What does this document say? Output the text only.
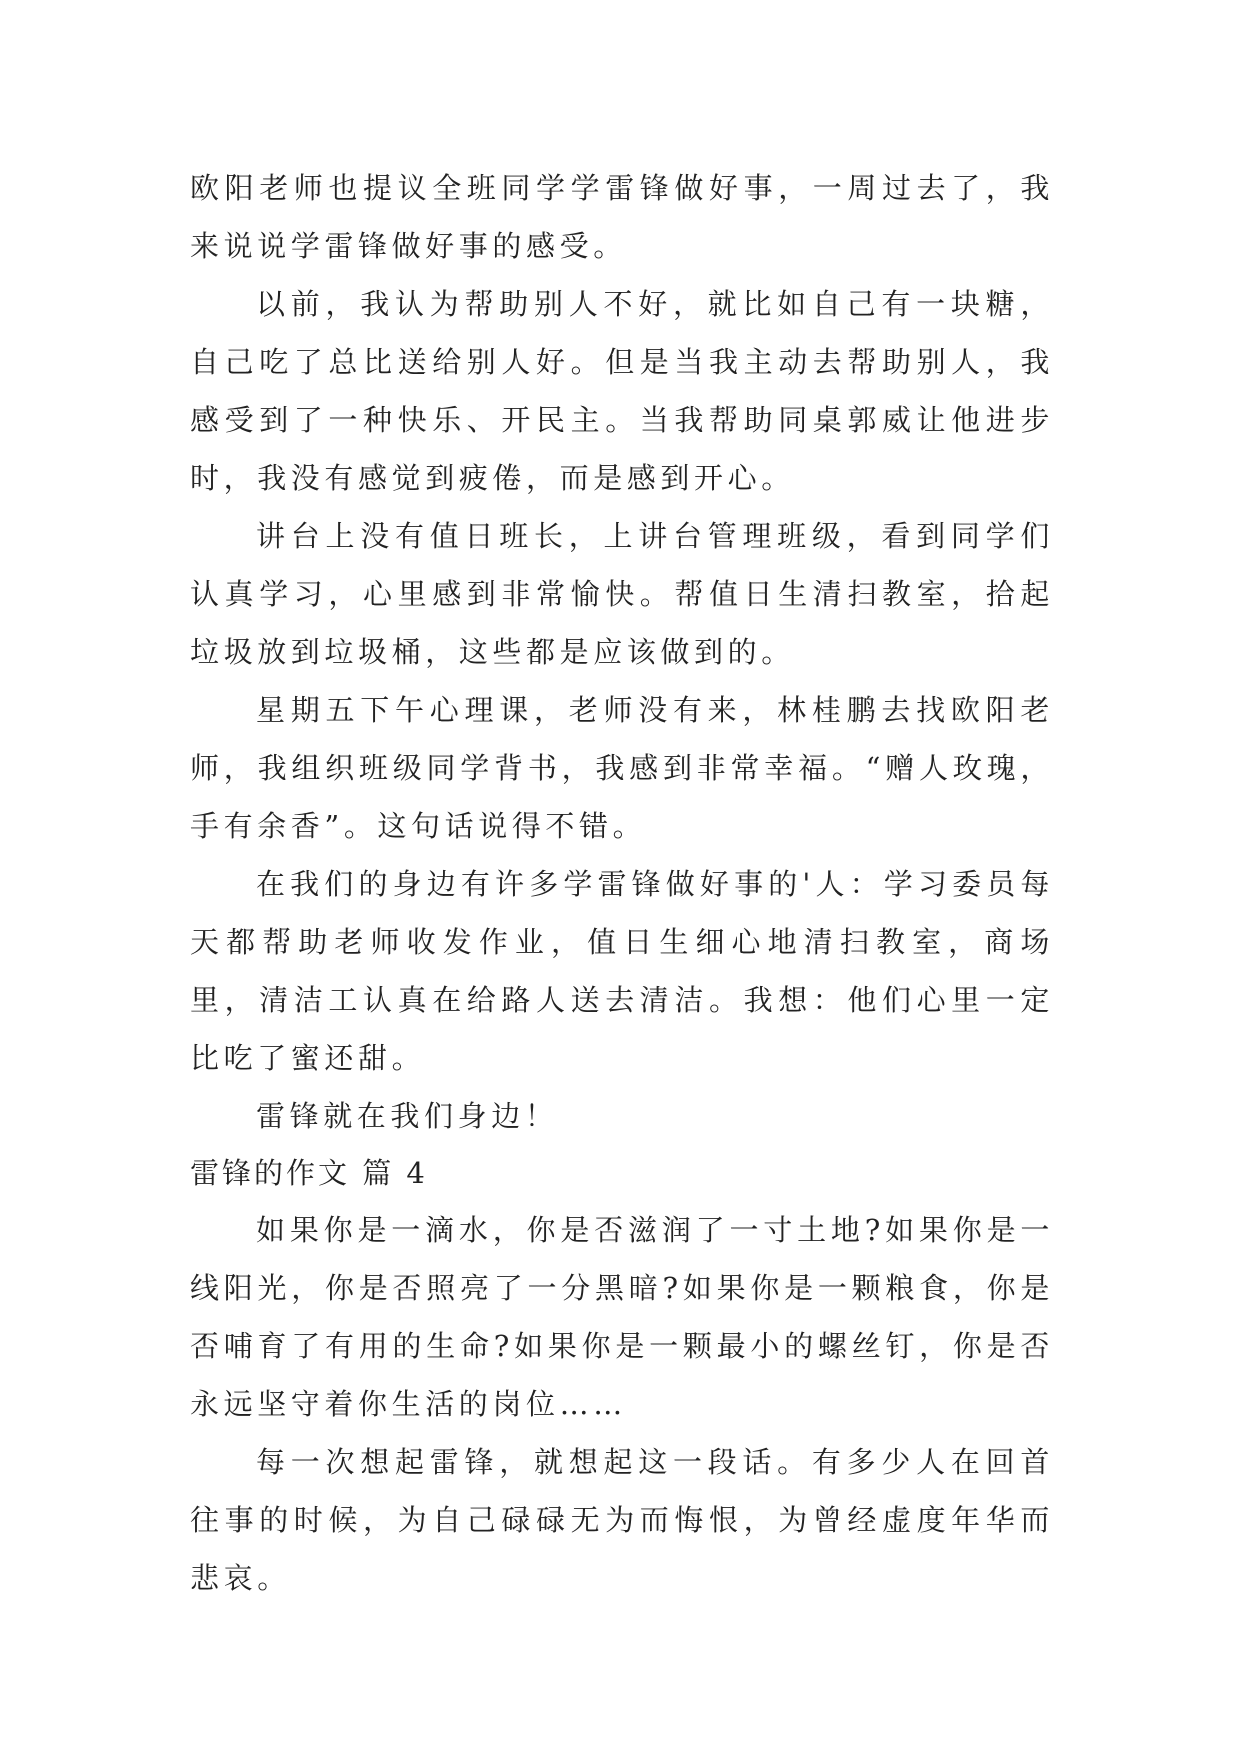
欧阳老师也提议全班同学学雷锋做好事，一周过去了，我来说说学雷锋做好事的感受。

以前，我认为帮助别人不好，就比如自己有一块糖，自己吃了总比送给别人好。但是当我主动去帮助别人，我感受到了一种快乐、开民主。当我帮助同桌郭威让他进步时，我没有感觉到疲倦，而是感到开心。

讲台上没有值日班长，上讲台管理班级，看到同学们认真学习，心里感到非常愉快。帮值日生清扫教室，拾起垃圾放到垃圾桶，这些都是应该做到的。

星期五下午心理课，老师没有来，林桂鹏去找欧阳老师，我组织班级同学背书，我感到非常幸福。“赠人玫瑰，手有余香”。这句话说得不错。

在我们的身边有许多学雷锋做好事的'人：学习委员每天都帮助老师收发作业，值日生细心地清扫教室，商场里，清洁工认真在给路人送去清洁。我想：他们心里一定比吃了蜜还甜。

雷锋就在我们身边！

雷锋的作文 篇 4

如果你是一滴水，你是否滋润了一寸土地?如果你是一线阳光，你是否照亮了一分黑暗?如果你是一颗粮食，你是否哺育了有用的生命?如果你是一颗最小的螺丝钉，你是否永远坚守着你生活的岗位……

每一次想起雷锋，就想起这一段话。有多少人在回首往事的时候，为自己碌碌无为而悔恨，为曾经虚度年华而悲哀。
